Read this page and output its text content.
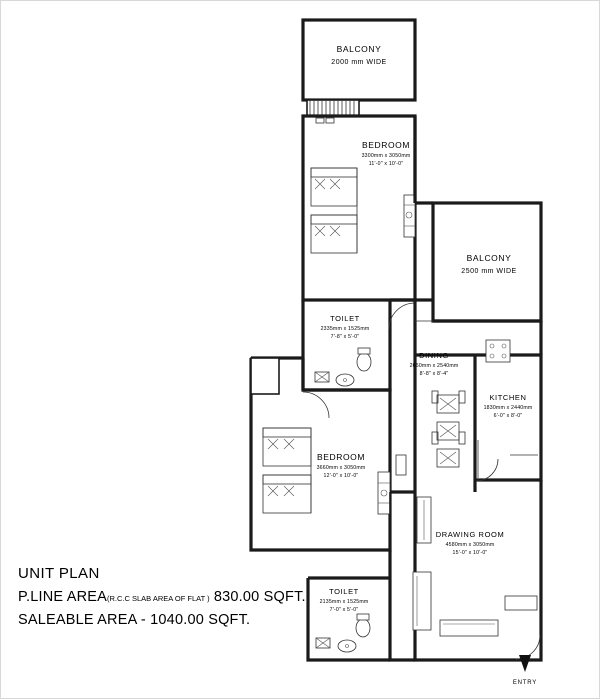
BALCONY
2000 mm WIDE
BEDROOM
3300mm x 3050mm
11'-0" x 10'-0"
BALCONY
2500 mm WIDE
TOILET
2335mm x 1525mm
7'-8" x 5'-0"
DINING
2650mm x 2540mm
8'-8" x 8'-4"
KITCHEN
1830mm x 2440mm
6'-0" x 8'-0"
BEDROOM
3660mm x 3050mm
12'-0" x 10'-0"
DRAWING ROOM
4580mm x 3050mm
15'-0" x 10'-0"
TOILET
2135mm x 1525mm
7'-0" x 5'-0"
ENTRY
UNIT PLAN
P.LINE AREA(R.C.C SLAB AREA OF FLAT ) 830.00 SQFT.
SALEABLE AREA - 1040.00 SQFT.
